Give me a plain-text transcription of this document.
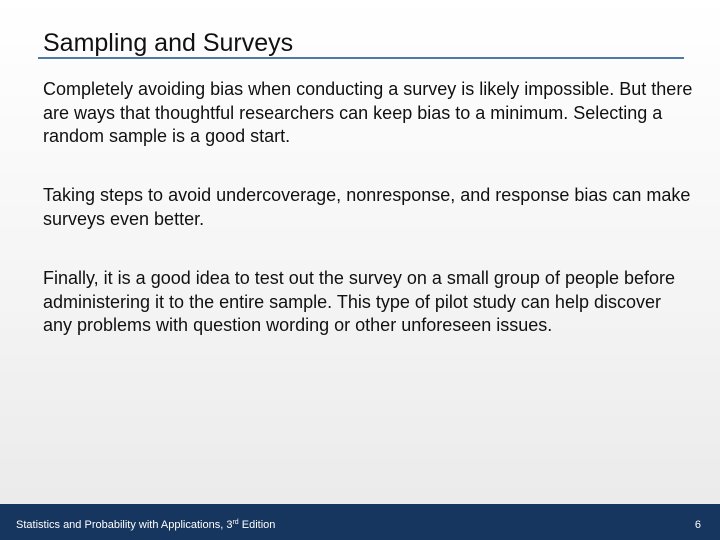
Sampling and Surveys

Completely avoiding bias when conducting a survey is likely impossible. But there are ways that thoughtful researchers can keep bias to a minimum. Selecting a random sample is a good start.

Taking steps to avoid undercoverage, nonresponse, and response bias can make surveys even better.

Finally, it is a good idea to test out the survey on a small group of people before administering it to the entire sample. This type of pilot study can help discover any problems with question wording or other unforeseen issues.

Statistics and Probability with Applications, 3rd Edition	6
